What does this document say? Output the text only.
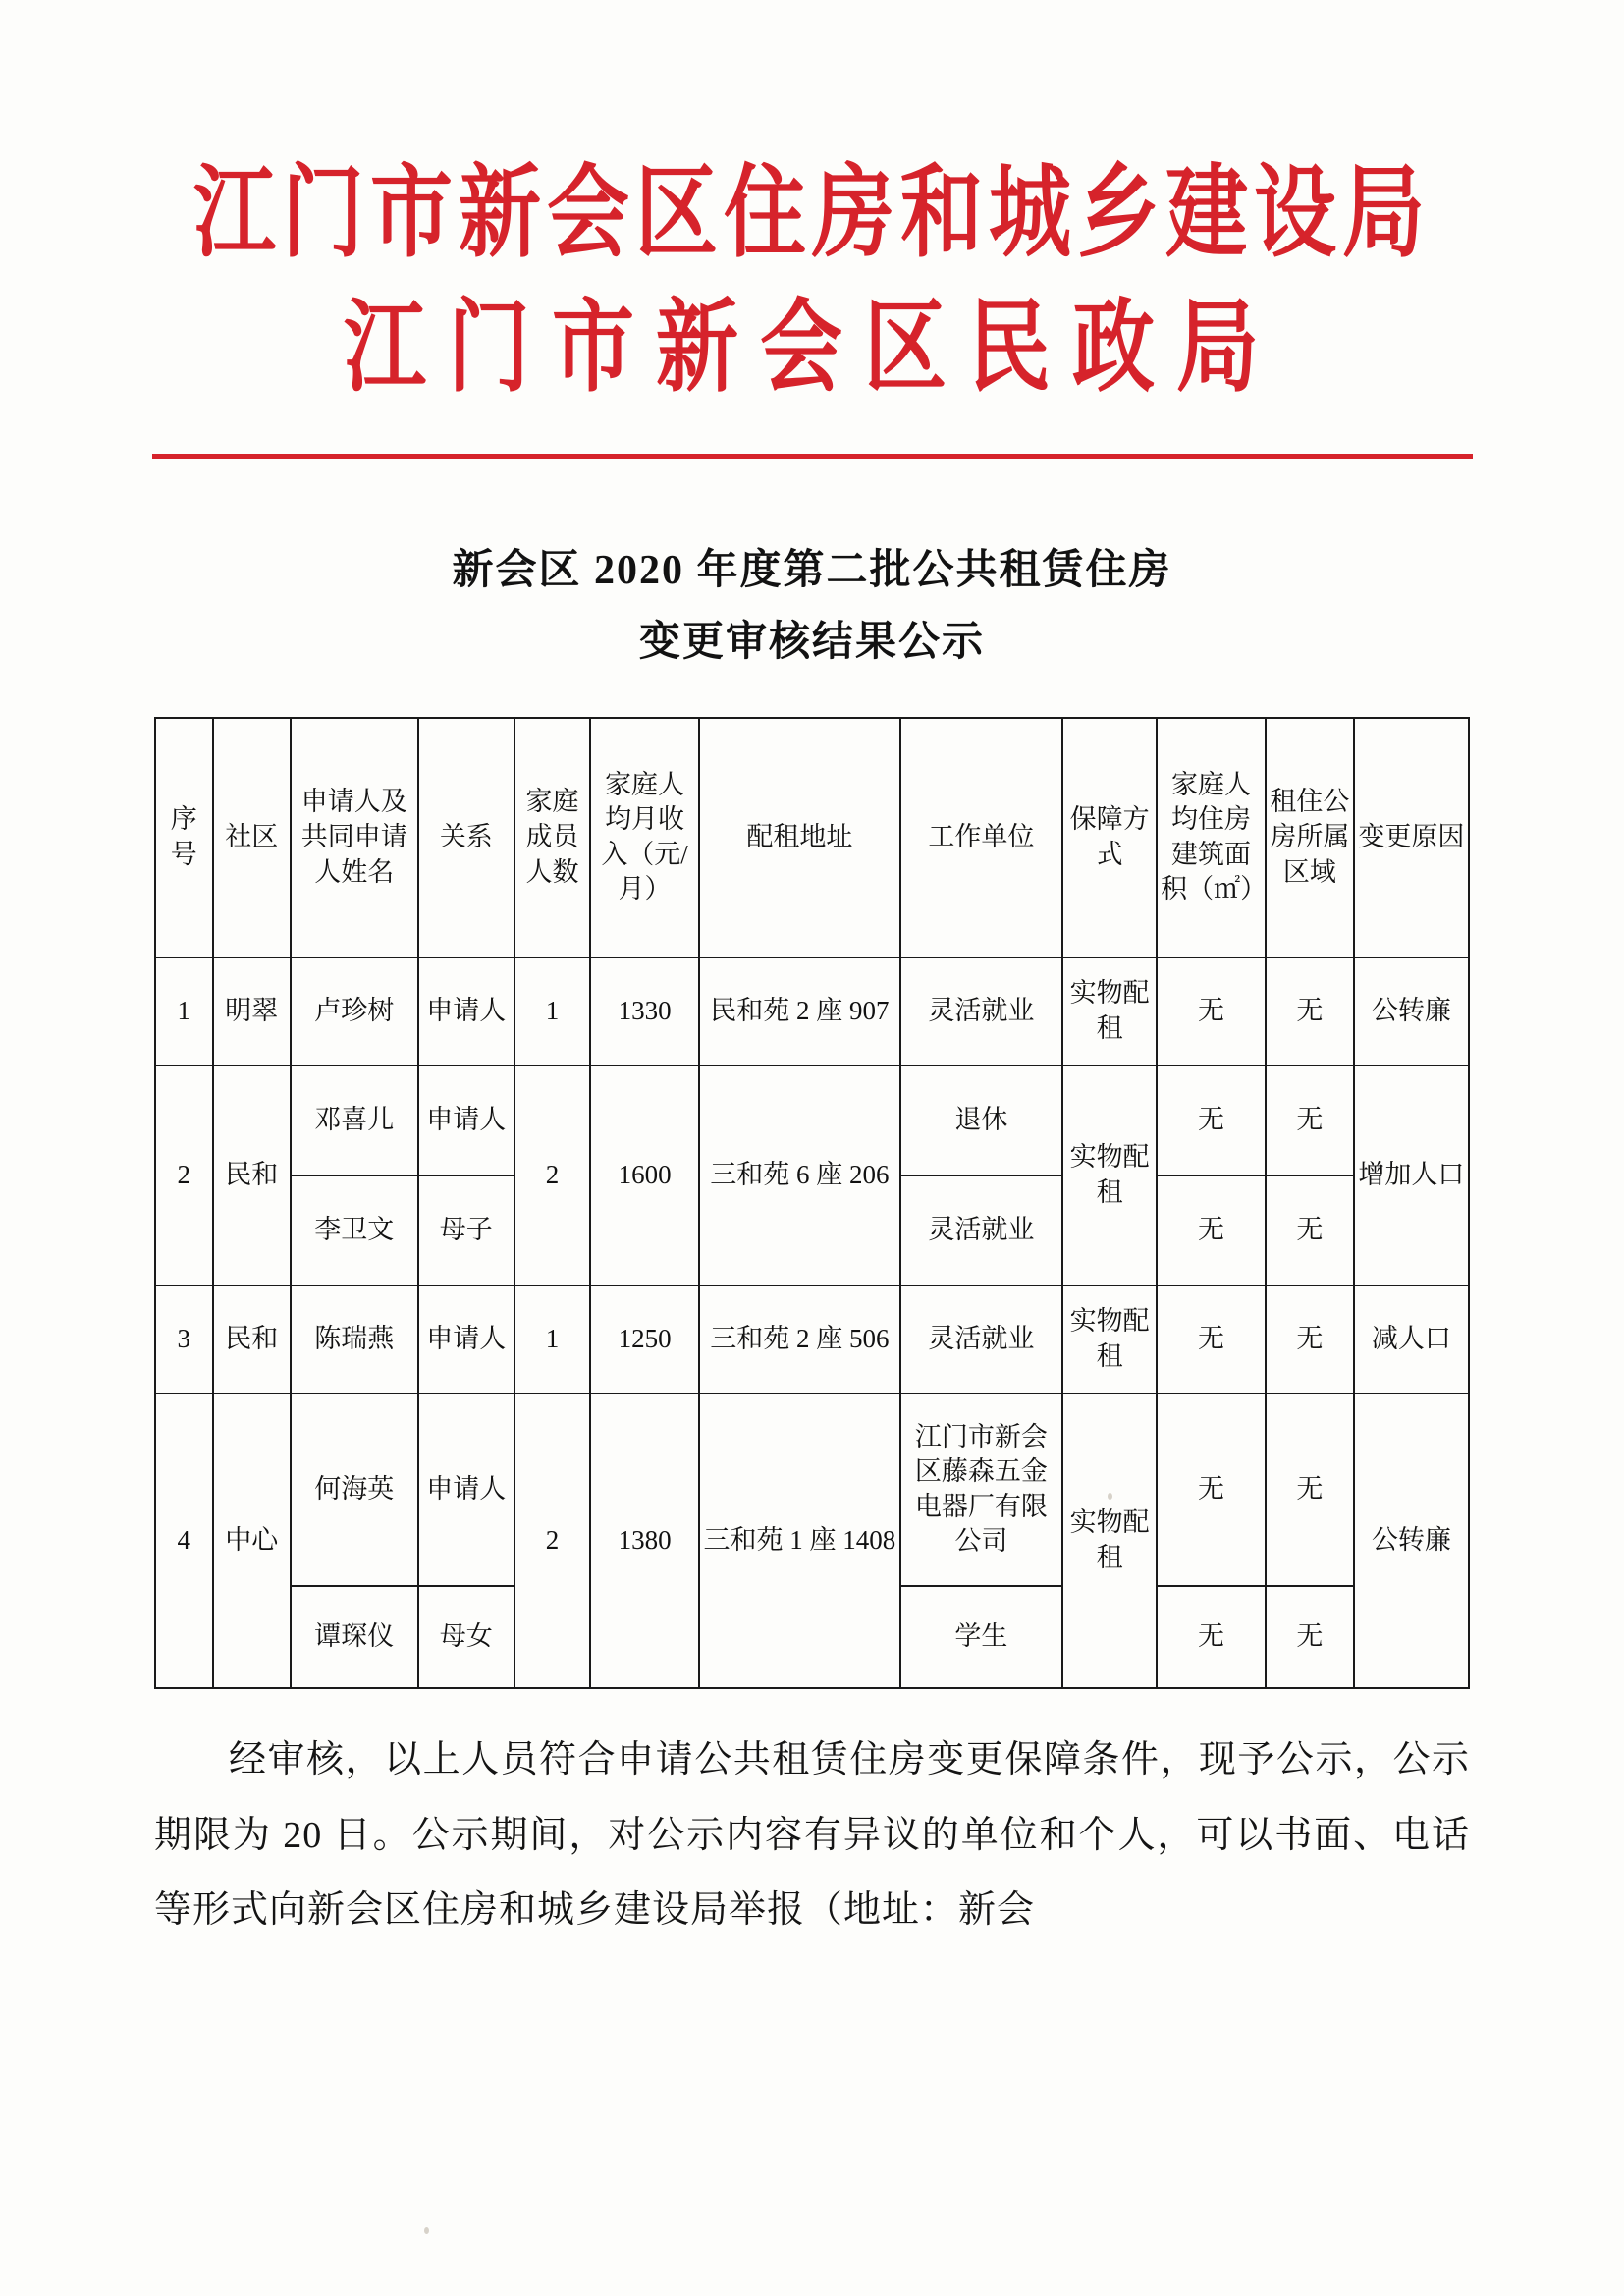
江门市新会区住房和城乡建设局
江门市新会区民政局
新会区 2020 年度第二批公共租赁住房
变更审核结果公示
序号	社区	申请人及共同申请人姓名	关系	家庭成员人数	家庭人均月收入（元/月）	配租地址	工作单位	保障方式	家庭人均住房建筑面积（㎡）	租住公房所属区域	变更原因
1	明翠	卢珍树	申请人	1	1330	民和苑 2 座 907	灵活就业	实物配租	无	无	公转廉
2	民和	邓喜儿	申请人	2	1600	三和苑 6 座 206	退休	实物配租	无	无	增加人口
		李卫文	母子				灵活就业		无	无	
3	民和	陈瑞燕	申请人	1	1250	三和苑 2 座 506	灵活就业	实物配租	无	无	减人口
4	中心	何海英	申请人	2	1380	三和苑 1 座 1408	江门市新会区藤森五金电器厂有限公司	实物配租	无	无	公转廉
		谭琛仪	母女				学生		无	无	

经审核，以上人员符合申请公共租赁住房变更保障条件，现予公示，公示期限为 20 日。公示期间，对公示内容有异议的单位和个人，可以书面、电话等形式向新会区住房和城乡建设局举报（地址：新会
